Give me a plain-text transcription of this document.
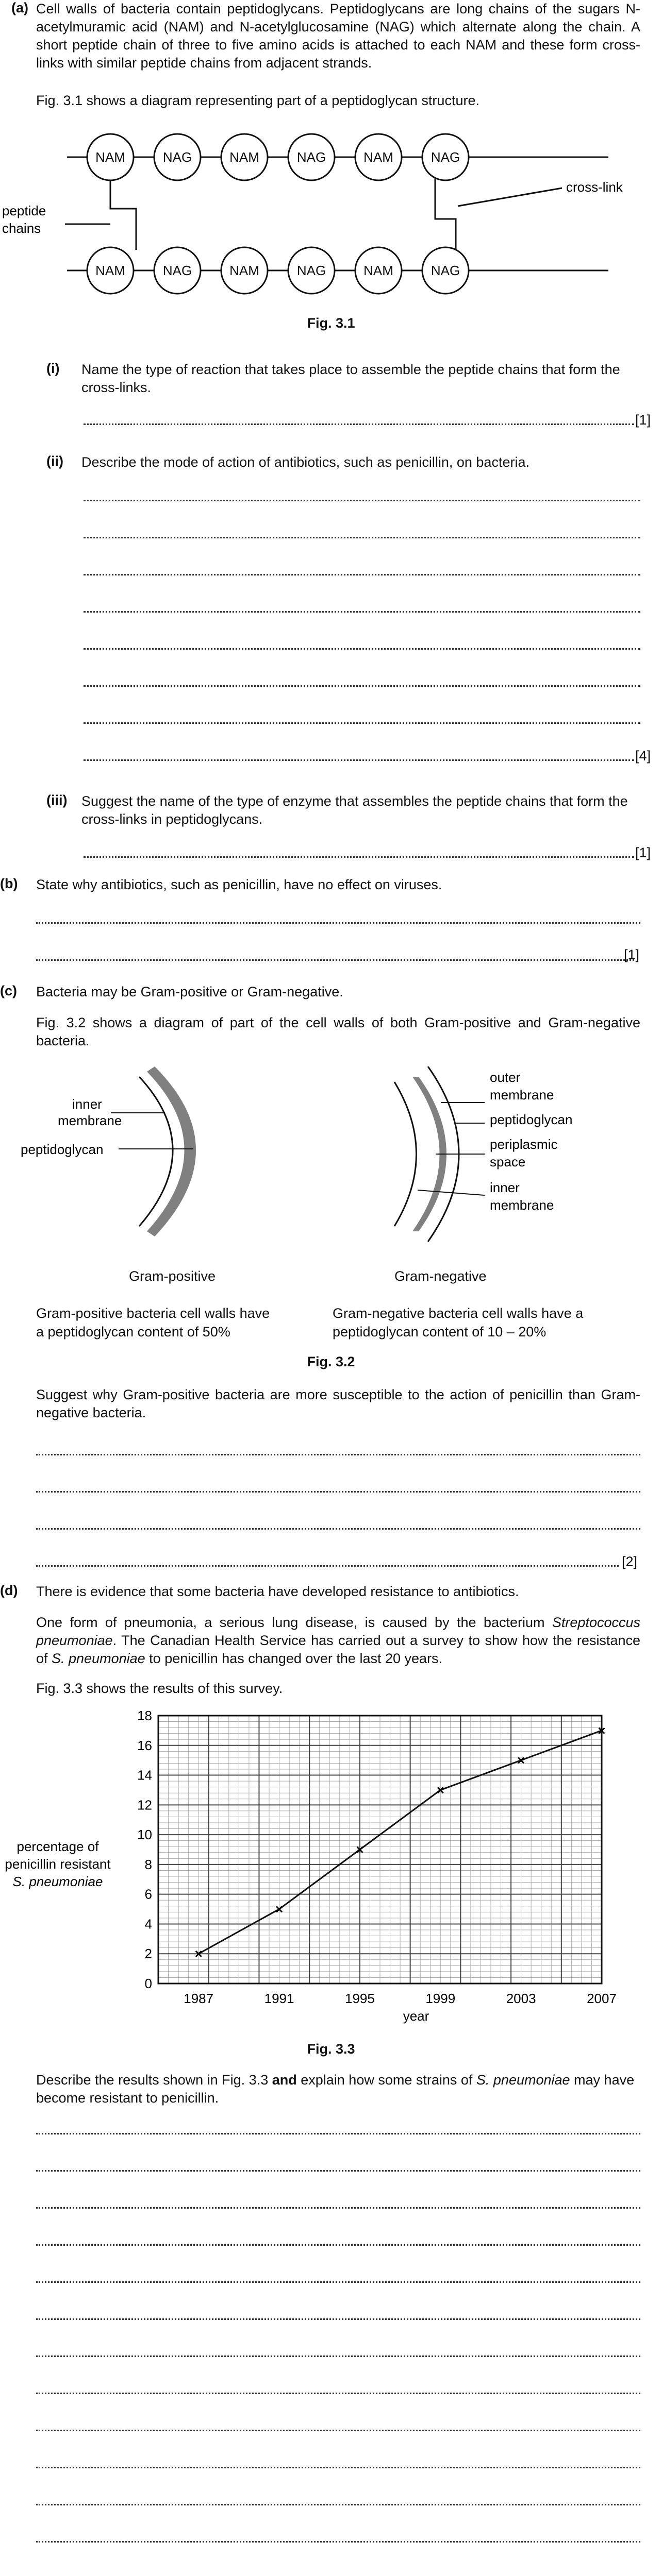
(a) Cell walls of bacteria contain peptidoglycans. Peptidoglycans are long chains of the sugars N-acetylmuramic acid (NAM) and N-acetylglucosamine (NAG) which alternate along the chain. A short peptide chain of three to five amino acids is attached to each NAM and these form cross-links with similar peptide chains from adjacent strands.
Fig. 3.1 shows a diagram representing part of a peptidoglycan structure.
NAM	NAG	NAM	NAG	NAM	NAG
NAM	NAG	NAM	NAG	NAM	NAG
peptide
chains
cross-link
Fig. 3.1
(i) Name the type of reaction that takes place to assemble the peptide chains that form the cross-links.
[1]
(ii) Describe the mode of action of antibiotics, such as penicillin, on bacteria.
[4]
(iii) Suggest the name of the type of enzyme that assembles the peptide chains that form the cross-links in peptidoglycans.
[1]
(b) State why antibiotics, such as penicillin, have no effect on viruses.
[1]
(c) Bacteria may be Gram-positive or Gram-negative.
Fig. 3.2 shows a diagram of part of the cell walls of both Gram-positive and Gram-negative bacteria.
inner
membrane
peptidoglycan
outer
membrane
peptidoglycan
periplasmic
space
inner
membrane
Gram-positive	Gram-negative
Gram-positive bacteria cell walls have
a peptidoglycan content of 50%
Gram-negative bacteria cell walls have a
peptidoglycan content of 10 – 20%
Fig. 3.2
Suggest why Gram-positive bacteria are more susceptible to the action of penicillin than Gram-negative bacteria.
[2]
(d) There is evidence that some bacteria have developed resistance to antibiotics.
One form of pneumonia, a serious lung disease, is caused by the bacterium Streptococcus pneumoniae. The Canadian Health Service has carried out a survey to show how the resistance of S. pneumoniae to penicillin has changed over the last 20 years.
Fig. 3.3 shows the results of this survey.
0
2
4
6
8
10
12
14
16
18
1987	1991	1995	1999	2003	2007
×
×
×
×
×
×
percentage of
penicillin resistant
S. pneumoniae
year
Fig. 3.3
Describe the results shown in Fig. 3.3 and explain how some strains of S. pneumoniae may have become resistant to penicillin.
